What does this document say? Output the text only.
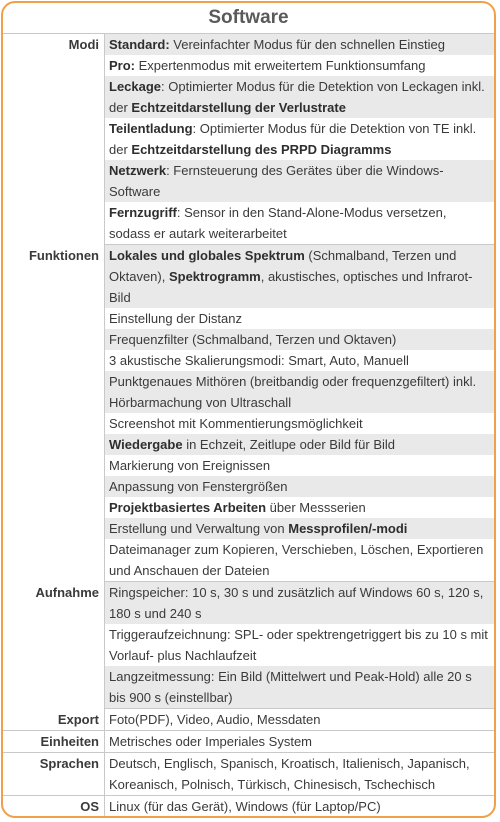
Software
Modi	Standard: Vereinfachter Modus für den schnellen Einstieg
	Pro: Expertenmodus mit erweitertem Funktionsumfang
	Leckage: Optimierter Modus für die Detektion von Leckagen inkl. der Echtzeitdarstellung der Verlustrate
	Teilentladung: Optimierter Modus für die Detektion von TE inkl. der Echtzeitdarstellung des PRPD Diagramms
	Netzwerk: Fernsteuerung des Gerätes über die Windows-Software
	Fernzugriff: Sensor in den Stand-Alone-Modus versetzen, sodass er autark weiterarbeitet
Funktionen	Lokales und globales Spektrum (Schmalband, Terzen und Oktaven), Spektrogramm, akustisches, optisches und Infrarot-Bild
	Einstellung der Distanz
	Frequenzfilter (Schmalband, Terzen und Oktaven)
	3 akustische Skalierungsmodi: Smart, Auto, Manuell
	Punktgenaues Mithören (breitbandig oder frequenzgefiltert) inkl. Hörbarmachung von Ultraschall
	Screenshot mit Kommentierungsmöglichkeit
	Wiedergabe in Echzeit, Zeitlupe oder Bild für Bild
	Markierung von Ereignissen
	Anpassung von Fenstergrößen
	Projektbasiertes Arbeiten über Messserien
	Erstellung und Verwaltung von Messprofilen/-modi
	Dateimanager zum Kopieren, Verschieben, Löschen, Exportieren und Anschauen der Dateien
Aufnahme	Ringspeicher: 10 s, 30 s und zusätzlich auf Windows 60 s, 120 s, 180 s und 240 s
	Triggeraufzeichnung: SPL- oder spektrengetriggert bis zu 10 s mit Vorlauf- plus Nachlaufzeit
	Langzeitmessung: Ein Bild (Mittelwert und Peak-Hold) alle 20 s bis 900 s (einstellbar)
Export	Foto(PDF), Video, Audio, Messdaten
Einheiten	Metrisches oder Imperiales System
Sprachen	Deutsch, Englisch, Spanisch, Kroatisch, Italienisch, Japanisch, Koreanisch, Polnisch, Türkisch, Chinesisch, Tschechisch
OS	Linux (für das Gerät), Windows (für Laptop/PC)
